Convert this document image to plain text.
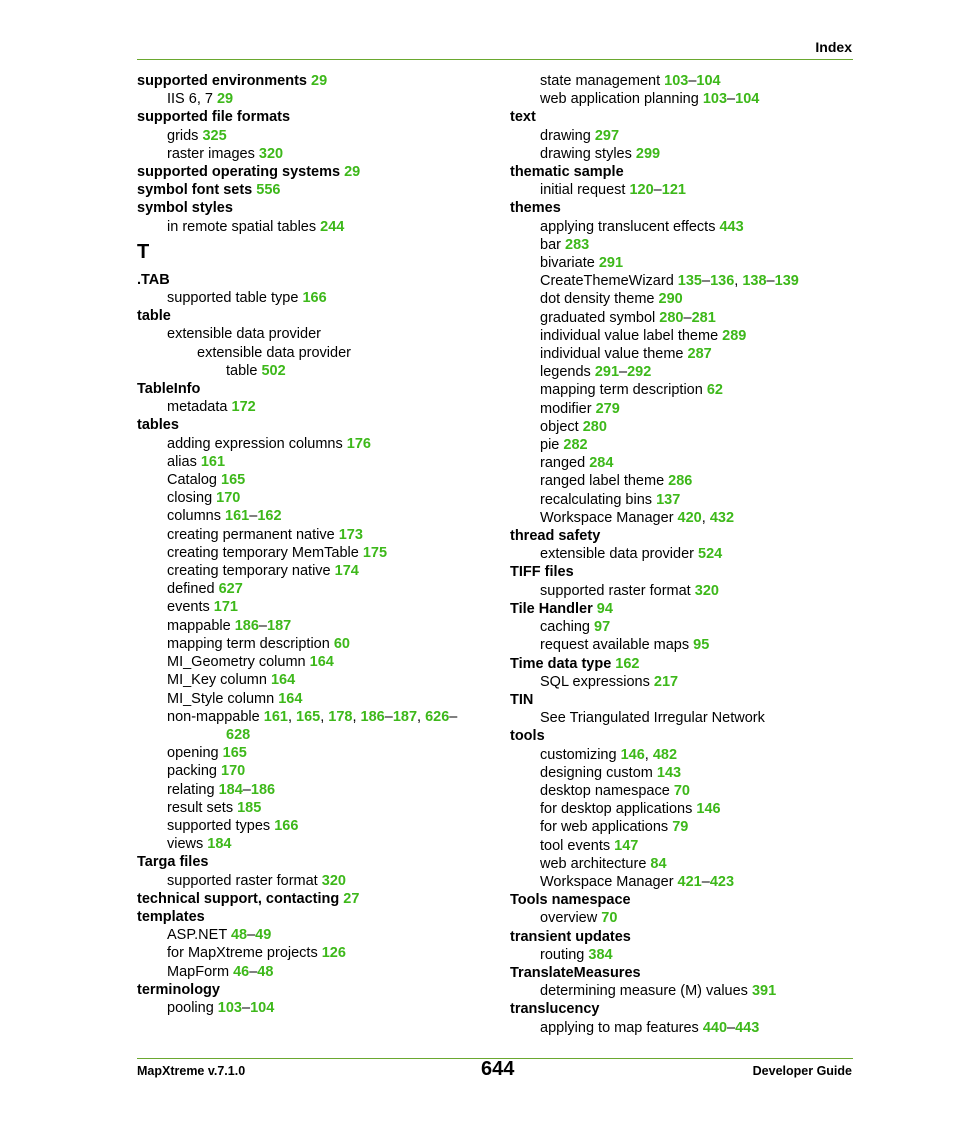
Index
supported environments 29
IIS 6, 7 29
supported file formats
grids 325
raster images 320
supported operating systems 29
symbol font sets 556
symbol styles
in remote spatial tables 244
T
.TAB
supported table type 166
table
extensible data provider
extensible data provider
table 502
TableInfo
metadata 172
tables
adding expression columns 176
alias 161
Catalog 165
closing 170
columns 161–162
creating permanent native 173
creating temporary MemTable 175
creating temporary native 174
defined 627
events 171
mappable 186–187
mapping term description 60
MI_Geometry column 164
MI_Key column 164
MI_Style column 164
non-mappable 161, 165, 178, 186–187, 626–
628
opening 165
packing 170
relating 184–186
result sets 185
supported types 166
views 184
Targa files
supported raster format 320
technical support, contacting 27
templates
ASP.NET 48–49
for MapXtreme projects 126
MapForm 46–48
terminology
pooling 103–104
state management 103–104
web application planning 103–104
text
drawing 297
drawing styles 299
thematic sample
initial request 120–121
themes
applying translucent effects 443
bar 283
bivariate 291
CreateThemeWizard 135–136, 138–139
dot density theme 290
graduated symbol 280–281
individual value label theme 289
individual value theme 287
legends 291–292
mapping term description 62
modifier 279
object 280
pie 282
ranged 284
ranged label theme 286
recalculating bins 137
Workspace Manager 420, 432
thread safety
extensible data provider 524
TIFF files
supported raster format 320
Tile Handler 94
caching 97
request available maps 95
Time data type 162
SQL expressions 217
TIN
See Triangulated Irregular Network
tools
customizing 146, 482
designing custom 143
desktop namespace 70
for desktop applications 146
for web applications 79
tool events 147
web architecture 84
Workspace Manager 421–423
Tools namespace
overview 70
transient updates
routing 384
TranslateMeasures
determining measure (M) values 391
translucency
applying to map features 440–443
MapXtreme v.7.1.0	644	Developer Guide
